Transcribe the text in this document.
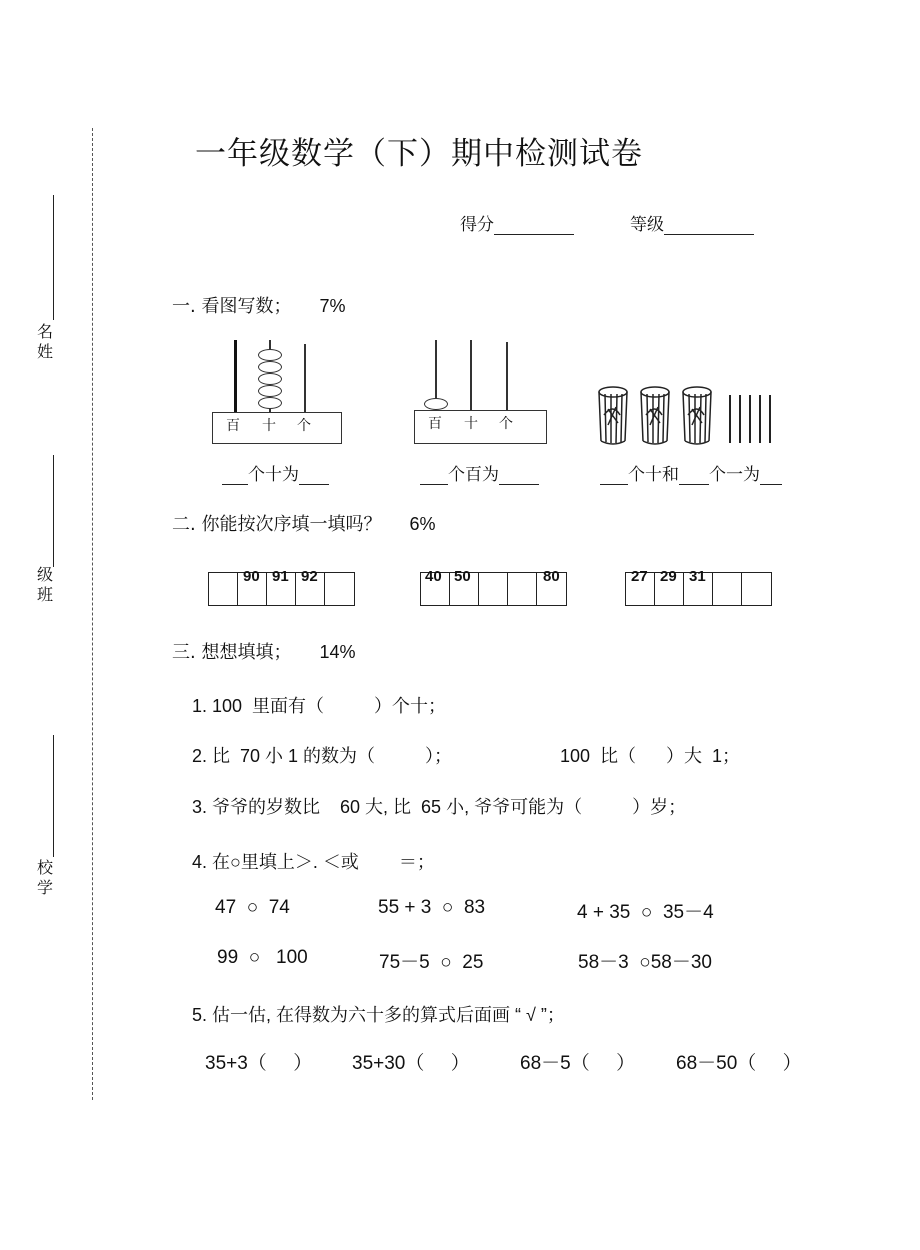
名
姓
级
班
校
学
一年级数学（下）期中检测试卷
得分	等级
一. 看图写数； 7%
百 十 个	百 十 个
个十为	个百为	个十和 个一为
二. 你能按次序填一填吗？ 6%
90 91 92	40 50	80	27 29 31
三. 想想填填； 14%
1. 100  里面有（          ）个十；
2. 比  70 小 1 的数为（          ）；	100  比（      ）大  1；
3. 爷爷的岁数比    60 大, 比  65 小, 爷爷可能为（          ）岁；
4. 在○里填上＞. ＜或        ＝；
47  ○  74	55 + 3  ○  83	4 + 35  ○  35－4
99  ○   100	75－5  ○  25	58－3  ○58－30
5. 估一估, 在得数为六十多的算式后面画 “ √ ”；
35+3（     ） 35+30（     ）	68－5（     ） 68－50（     ）
